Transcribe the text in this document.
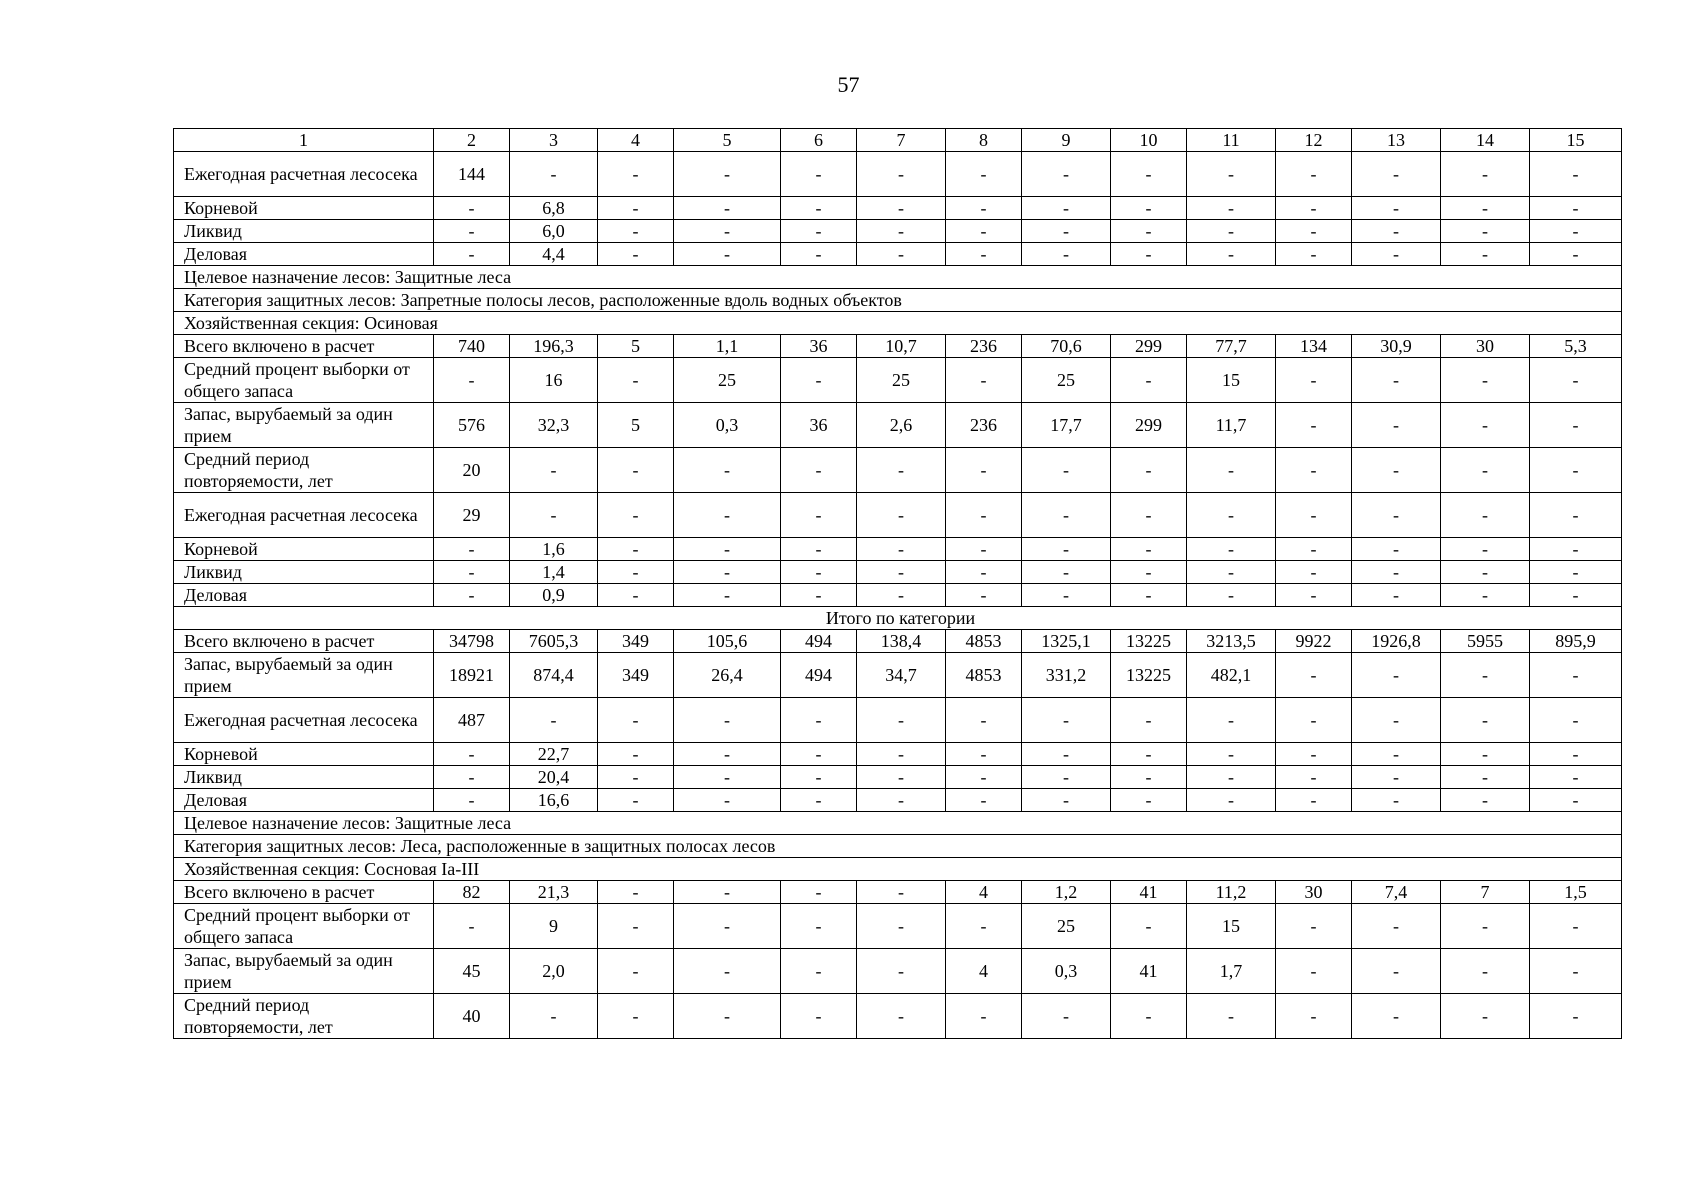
57
1	2	3	4	5	6	7	8	9	10	11	12	13	14	15
Ежегодная расчетная лесосека	144	-	-	-	-	-	-	-	-	-	-	-	-	-
Корневой	-	6,8	-	-	-	-	-	-	-	-	-	-	-	-
Ликвид	-	6,0	-	-	-	-	-	-	-	-	-	-	-	-
Деловая	-	4,4	-	-	-	-	-	-	-	-	-	-	-	-
Целевое назначение лесов: Защитные леса														
Категория защитных лесов: Запретные полосы лесов, расположенные вдоль водных объектов														
Хозяйственная секция: Осиновая														
Всего включено в расчет	740	196,3	5	1,1	36	10,7	236	70,6	299	77,7	134	30,9	30	5,3
Средний процент выборки от общего запаса	-	16	-	25	-	25	-	25	-	15	-	-	-	-
Запас, вырубаемый за один прием	576	32,3	5	0,3	36	2,6	236	17,7	299	11,7	-	-	-	-
Средний период повторяемости, лет	20	-	-	-	-	-	-	-	-	-	-	-	-	-
Ежегодная расчетная лесосека	29	-	-	-	-	-	-	-	-	-	-	-	-	-
Корневой	-	1,6	-	-	-	-	-	-	-	-	-	-	-	-
Ликвид	-	1,4	-	-	-	-	-	-	-	-	-	-	-	-
Деловая	-	0,9	-	-	-	-	-	-	-	-	-	-	-	-
Итого по категории														
Всего включено в расчет	34798	7605,3	349	105,6	494	138,4	4853	1325,1	13225	3213,5	9922	1926,8	5955	895,9
Запас, вырубаемый за один прием	18921	874,4	349	26,4	494	34,7	4853	331,2	13225	482,1	-	-	-	-
Ежегодная расчетная лесосека	487	-	-	-	-	-	-	-	-	-	-	-	-	-
Корневой	-	22,7	-	-	-	-	-	-	-	-	-	-	-	-
Ликвид	-	20,4	-	-	-	-	-	-	-	-	-	-	-	-
Деловая	-	16,6	-	-	-	-	-	-	-	-	-	-	-	-
Целевое назначение лесов: Защитные леса														
Категория защитных лесов: Леса, расположенные в защитных полосах лесов														
Хозяйственная секция: Сосновая Ia-III														
Всего включено в расчет	82	21,3	-	-	-	-	4	1,2	41	11,2	30	7,4	7	1,5
Средний процент выборки от общего запаса	-	9	-	-	-	-	-	25	-	15	-	-	-	-
Запас, вырубаемый за один прием	45	2,0	-	-	-	-	4	0,3	41	1,7	-	-	-	-
Средний период повторяемости, лет	40	-	-	-	-	-	-	-	-	-	-	-	-	-
